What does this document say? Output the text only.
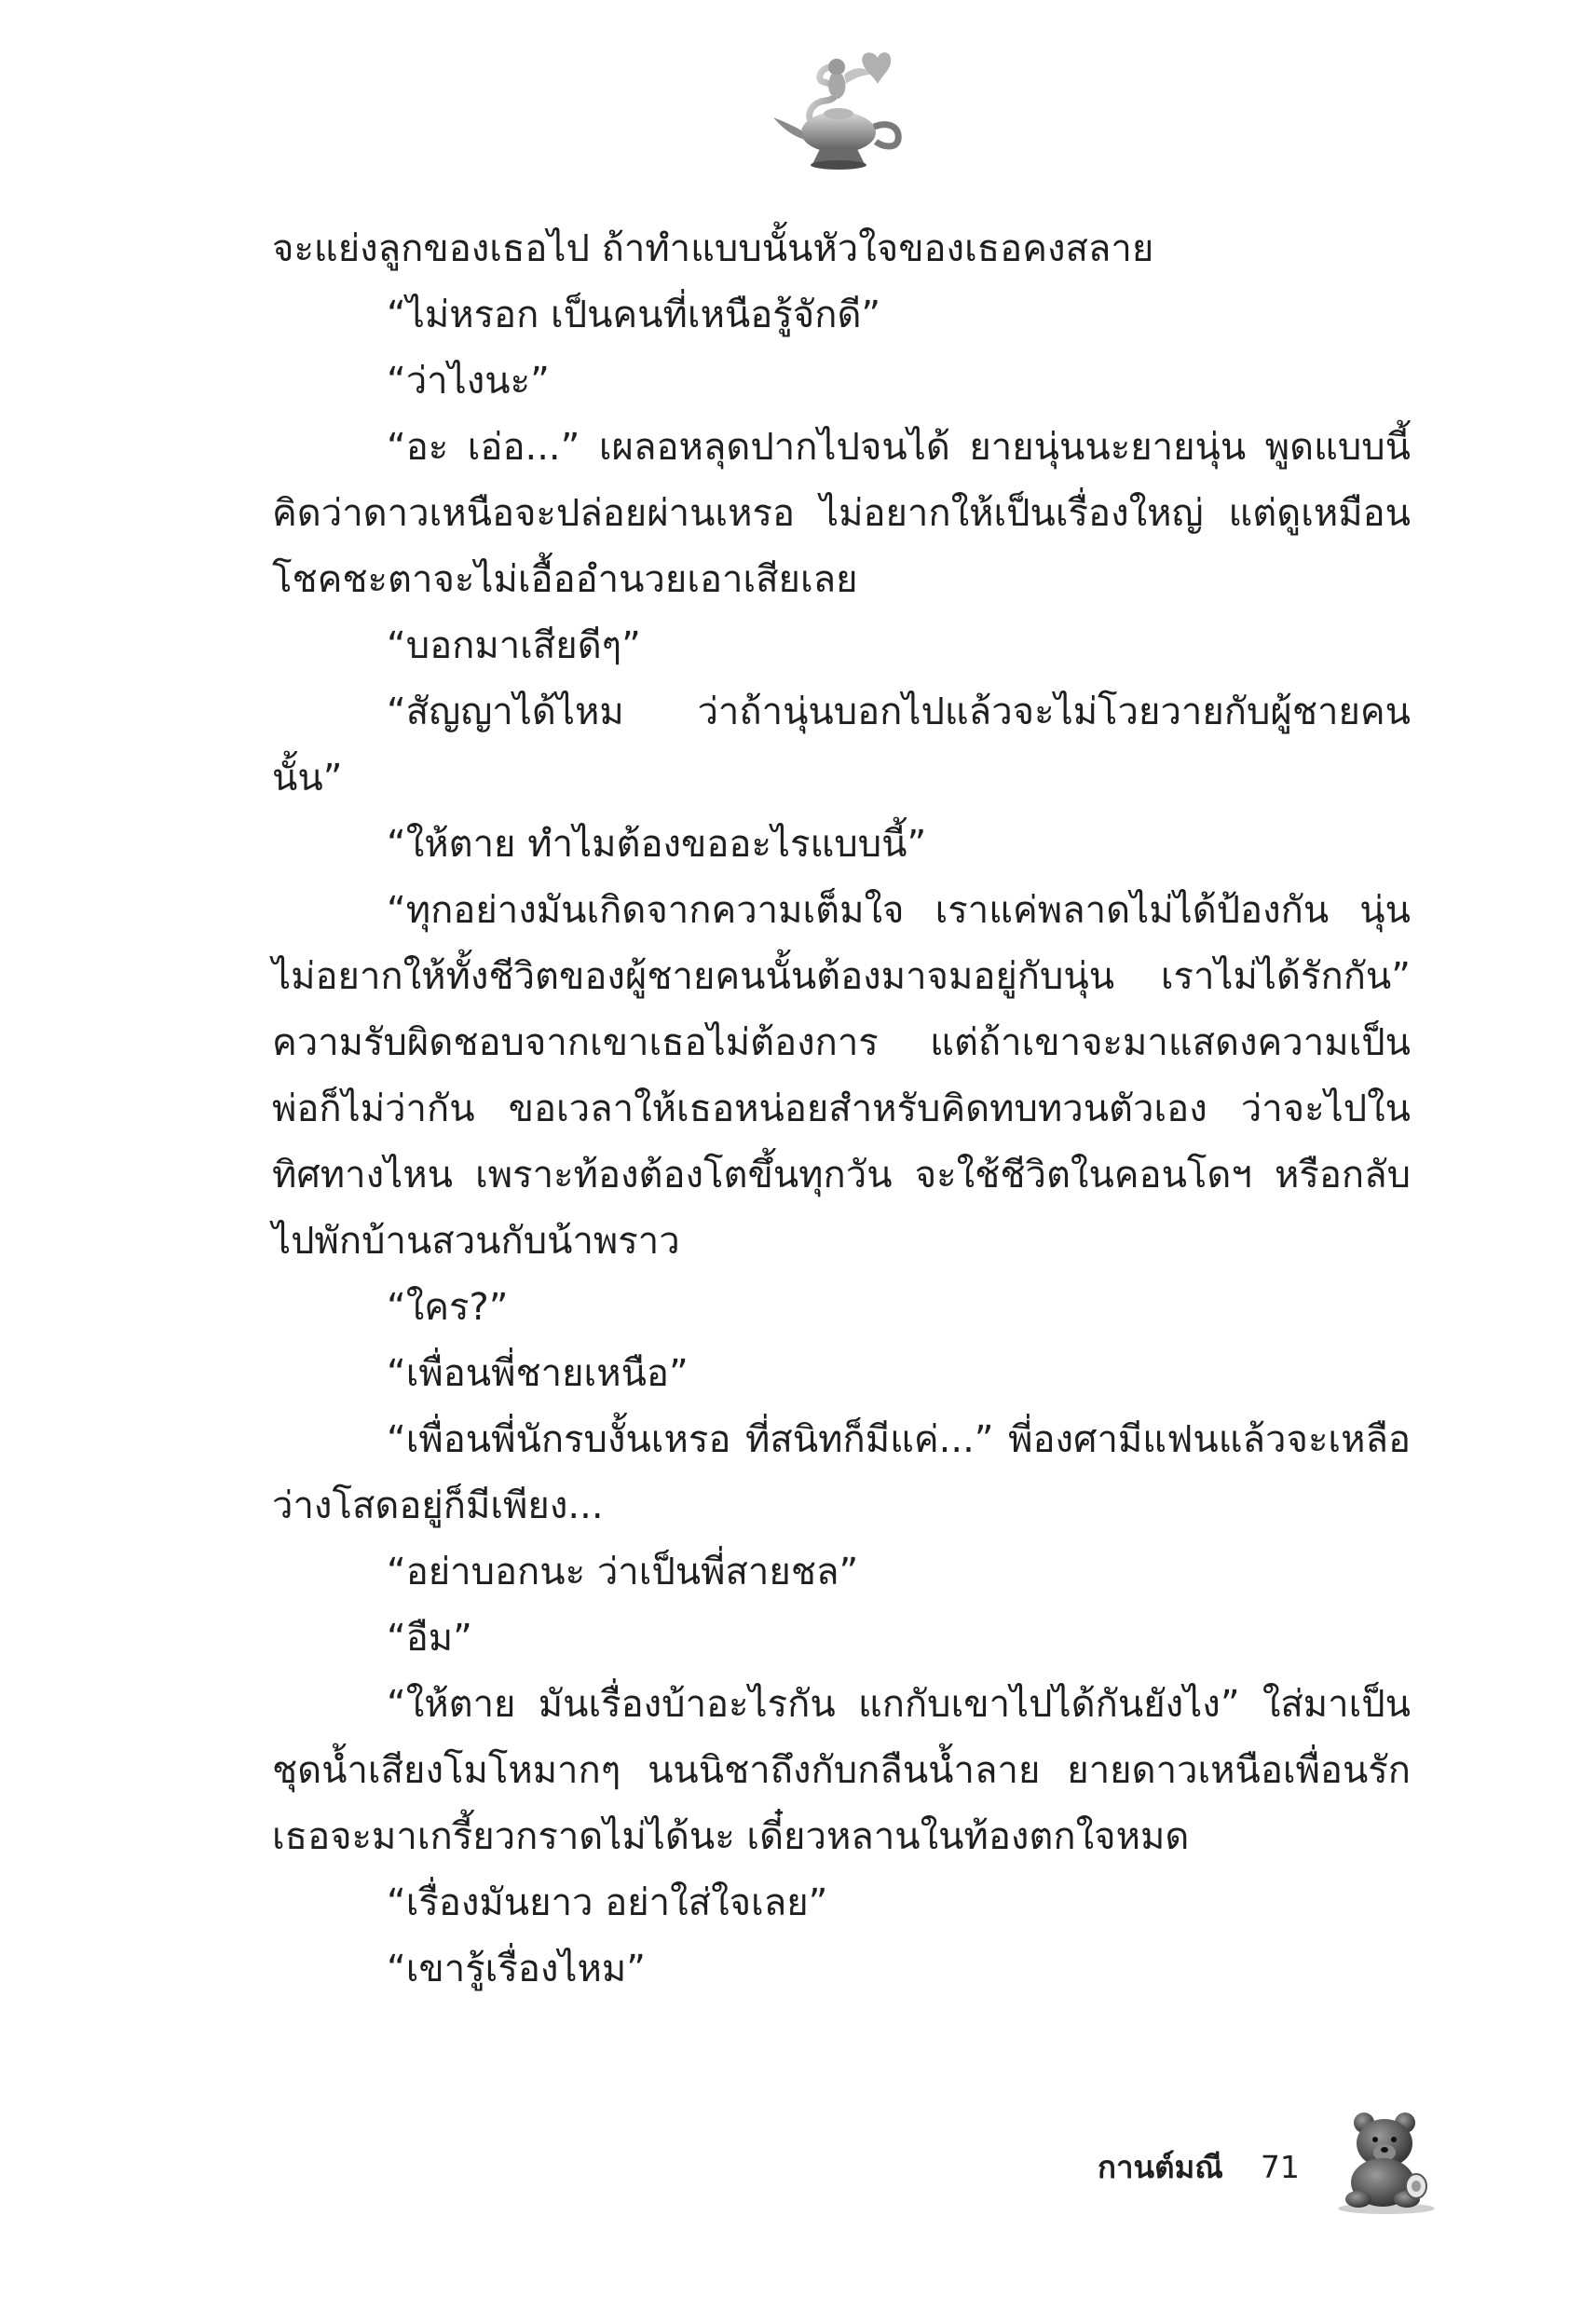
จะแย่งลูกของเธอไป ถ้าทำแบบนั้นหัวใจของเธอคงสลาย

“ไม่หรอก เป็นคนที่เหนือรู้จักดี”

“ว่าไงนะ”

“อะ เอ่อ...” เผลอหลุดปากไปจนได้ ยายนุ่นนะยายนุ่น พูดแบบนี้คิดว่าดาวเหนือจะปล่อยผ่านเหรอ ไม่อยากให้เป็นเรื่องใหญ่ แต่ดูเหมือนโชคชะตาจะไม่เอื้ออำนวยเอาเสียเลย

“บอกมาเสียดีๆ”

“สัญญาได้ไหม ว่าถ้านุ่นบอกไปแล้วจะไม่โวยวายกับผู้ชายคนนั้น”

“ให้ตาย ทำไมต้องขออะไรแบบนี้”

“ทุกอย่างมันเกิดจากความเต็มใจ เราแค่พลาดไม่ได้ป้องกัน นุ่นไม่อยากให้ทั้งชีวิตของผู้ชายคนนั้นต้องมาจมอยู่กับนุ่น เราไม่ได้รักกัน” ความรับผิดชอบจากเขาเธอไม่ต้องการ แต่ถ้าเขาจะมาแสดงความเป็นพ่อก็ไม่ว่ากัน ขอเวลาให้เธอหน่อยสำหรับคิดทบทวนตัวเอง ว่าจะไปในทิศทางไหน เพราะท้องต้องโตขึ้นทุกวัน จะใช้ชีวิตในคอนโดฯ หรือกลับไปพักบ้านสวนกับน้าพราว

“ใคร?”

“เพื่อนพี่ชายเหนือ”

“เพื่อนพี่นักรบงั้นเหรอ ที่สนิทก็มีแค่...” พี่องศามีแฟนแล้วจะเหลือว่างโสดอยู่ก็มีเพียง...

“อย่าบอกนะ ว่าเป็นพี่สายชล”

“อืม”

“ให้ตาย มันเรื่องบ้าอะไรกัน แกกับเขาไปได้กันยังไง” ใส่มาเป็นชุดน้ำเสียงโมโหมากๆ นนนิชาถึงกับกลืนน้ำลาย ยายดาวเหนือเพื่อนรักเธอจะมาเกรี้ยวกราดไม่ได้นะ เดี๋ยวหลานในท้องตกใจหมด

“เรื่องมันยาว อย่าใส่ใจเลย”

“เขารู้เรื่องไหม”

กานต์มณี 71
